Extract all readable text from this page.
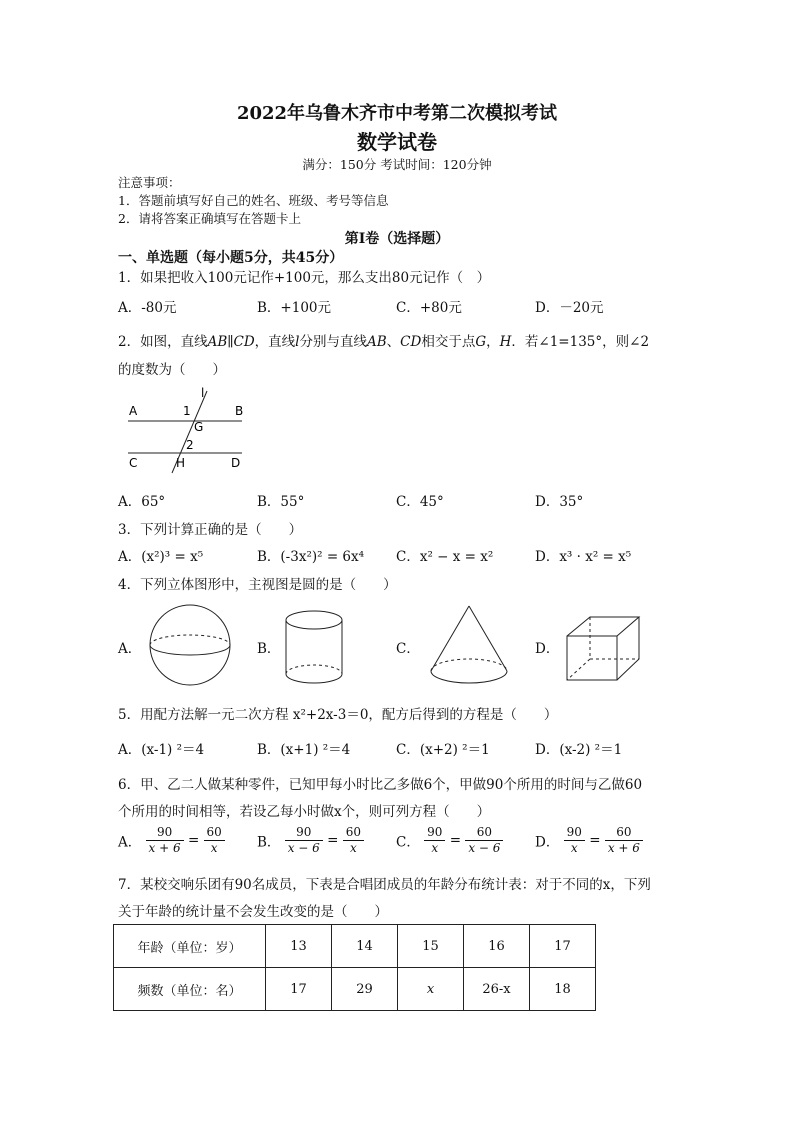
2022年乌鲁木齐市中考第二次模拟考试
数学试卷
满分：150分 考试时间：120分钟
注意事项：
1．答题前填写好自己的姓名、班级、考号等信息
2．请将答案正确填写在答题卡上
第I卷（选择题）
一、单选题（每小题5分，共45分）
1．如果把收入100元记作+100元，那么支出80元记作（　）
A．-80元	B．+100元	C．+80元	D．－20元
2．如图，直线AB∥CD，直线l分别与直线AB、CD相交于点G，H．若∠1=135°，则∠2
的度数为（　　）
l
A	1	B
G
2
C	H	D
A．65°	B．55°	C．45°	D．35°
3．下列计算正确的是（　　）
A．(x²)³ = x⁵	B．(-3x²)² = 6x⁴ C．x² − x = x²	D．x³ · x² = x⁵
4．下列立体图形中，主视图是圆的是（　　）
A．	B．	C．	D．
5．用配方法解一元二次方程 x²+2x-3＝0，配方后得到的方程是（　　）
A．(x-1) ²＝4	B．(x+1) ²＝4	C．(x+2) ²＝1	D．(x-2) ²＝1
6．甲、乙二人做某种零件，已知甲每小时比乙多做6个，甲做90个所用的时间与乙做60
个所用的时间相等，若设乙每小时做x个，则可列方程（　　）
A． $\frac{90}{x + 6} = \frac{60}{x}$ B． $\frac{90}{x - 6} = \frac{60}{x}$ C． $\frac{90}{x} = \frac{60}{x - 6}$ D． $\frac{90}{x} = \frac{60}{x + 6}$
7．某校交响乐团有90名成员，下表是合唱团成员的年龄分布统计表：对于不同的x，下列
关于年龄的统计量不会发生改变的是（　　）
年龄（单位：岁）	13	14	15	16	17
频数（单位：名）	17	29	x	26-x	18
